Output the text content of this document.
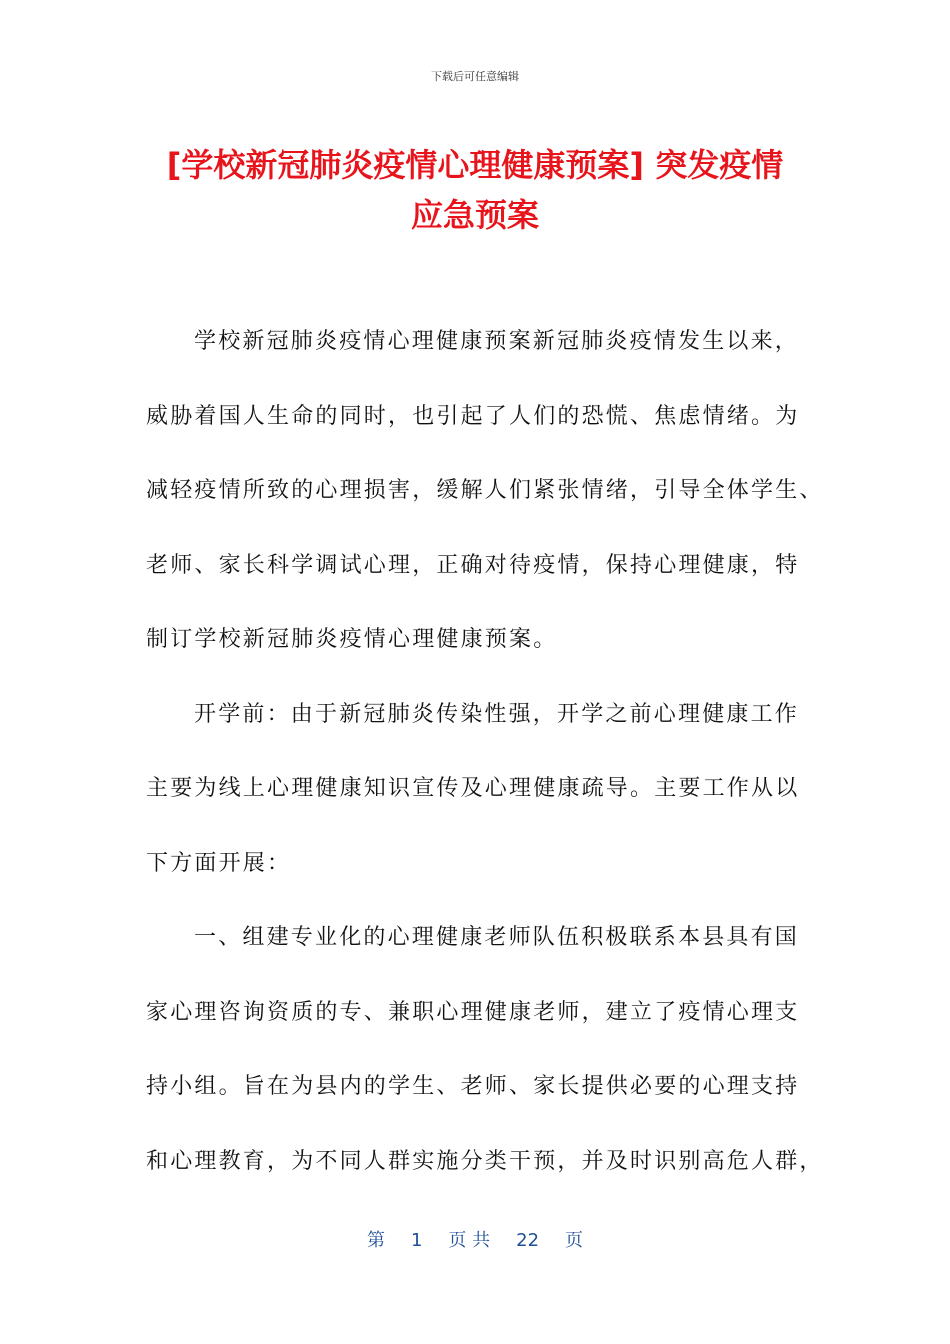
下载后可任意编辑
[学校新冠肺炎疫情心理健康预案] 突发疫情
应急预案
学校新冠肺炎疫情心理健康预案新冠肺炎疫情发生以来，
威胁着国人生命的同时，也引起了人们的恐慌、焦虑情绪。为
减轻疫情所致的心理损害，缓解人们紧张情绪，引导全体学生、
老师、家长科学调试心理，正确对待疫情，保持心理健康，特
制订学校新冠肺炎疫情心理健康预案。
开学前：由于新冠肺炎传染性强，开学之前心理健康工作
主要为线上心理健康知识宣传及心理健康疏导。主要工作从以
下方面开展：
一、组建专业化的心理健康老师队伍积极联系本县具有国
家心理咨询资质的专、兼职心理健康老师，建立了疫情心理支
持小组。旨在为县内的学生、老师、家长提供必要的心理支持
和心理教育，为不同人群实施分类干预，并及时识别高危人群，
第 1 页 共 22 页
